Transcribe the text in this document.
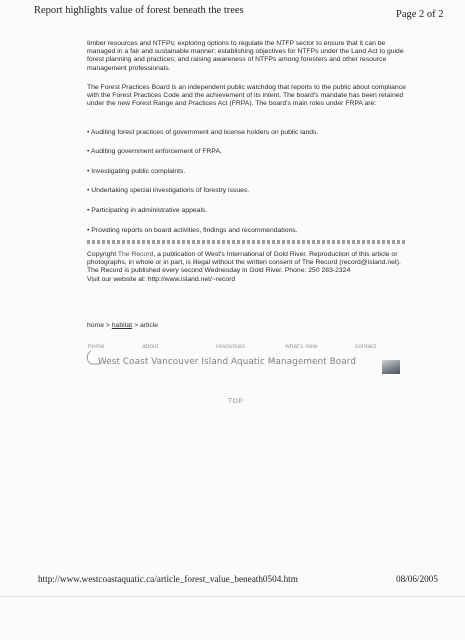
Report highlights value of forest beneath the trees	Page 2 of 2
timber resources and NTFPs; exploring options to regulate the NTFP sector to ensure that it can be managed in a fair and sustainable manner; establishing objectives for NTFPs under the Land Act to guide forest planning and practices; and raising awareness of NTFPs among foresters and other resource management professionals.
The Forest Practices Board is an independent public watchdog that reports to the public about compliance with the Forest Practices Code and the achievement of its intent. The board's mandate has been retained under the new Forest Range and Practices Act (FRPA). The board's main roles under FRPA are:
• Auditing forest practices of government and license holders on public lands.
• Auditing government enforcement of FRPA.
• Investigating public complaints.
• Undertaking special investigations of forestry issues.
• Participating in administrative appeals.
• Providing reports on board activities, findings and recommendations.
Copyright The Record, a publication of West's International of Gold River. Reproduction of this article or photographs, in whole or in part, is illegal without the written consent of The Record (record@island.net).
The Record is published every second Wednesday in Gold River. Phone: 250 283-2324
Visit our website at: http://www.island.net/~record
home > habitat > article
home	about	resources	what's new	contact
West Coast Vancouver Island Aquatic Management Board
TOP
http://www.westcoastaquatic.ca/article_forest_value_beneath0504.htm	08/06/2005
